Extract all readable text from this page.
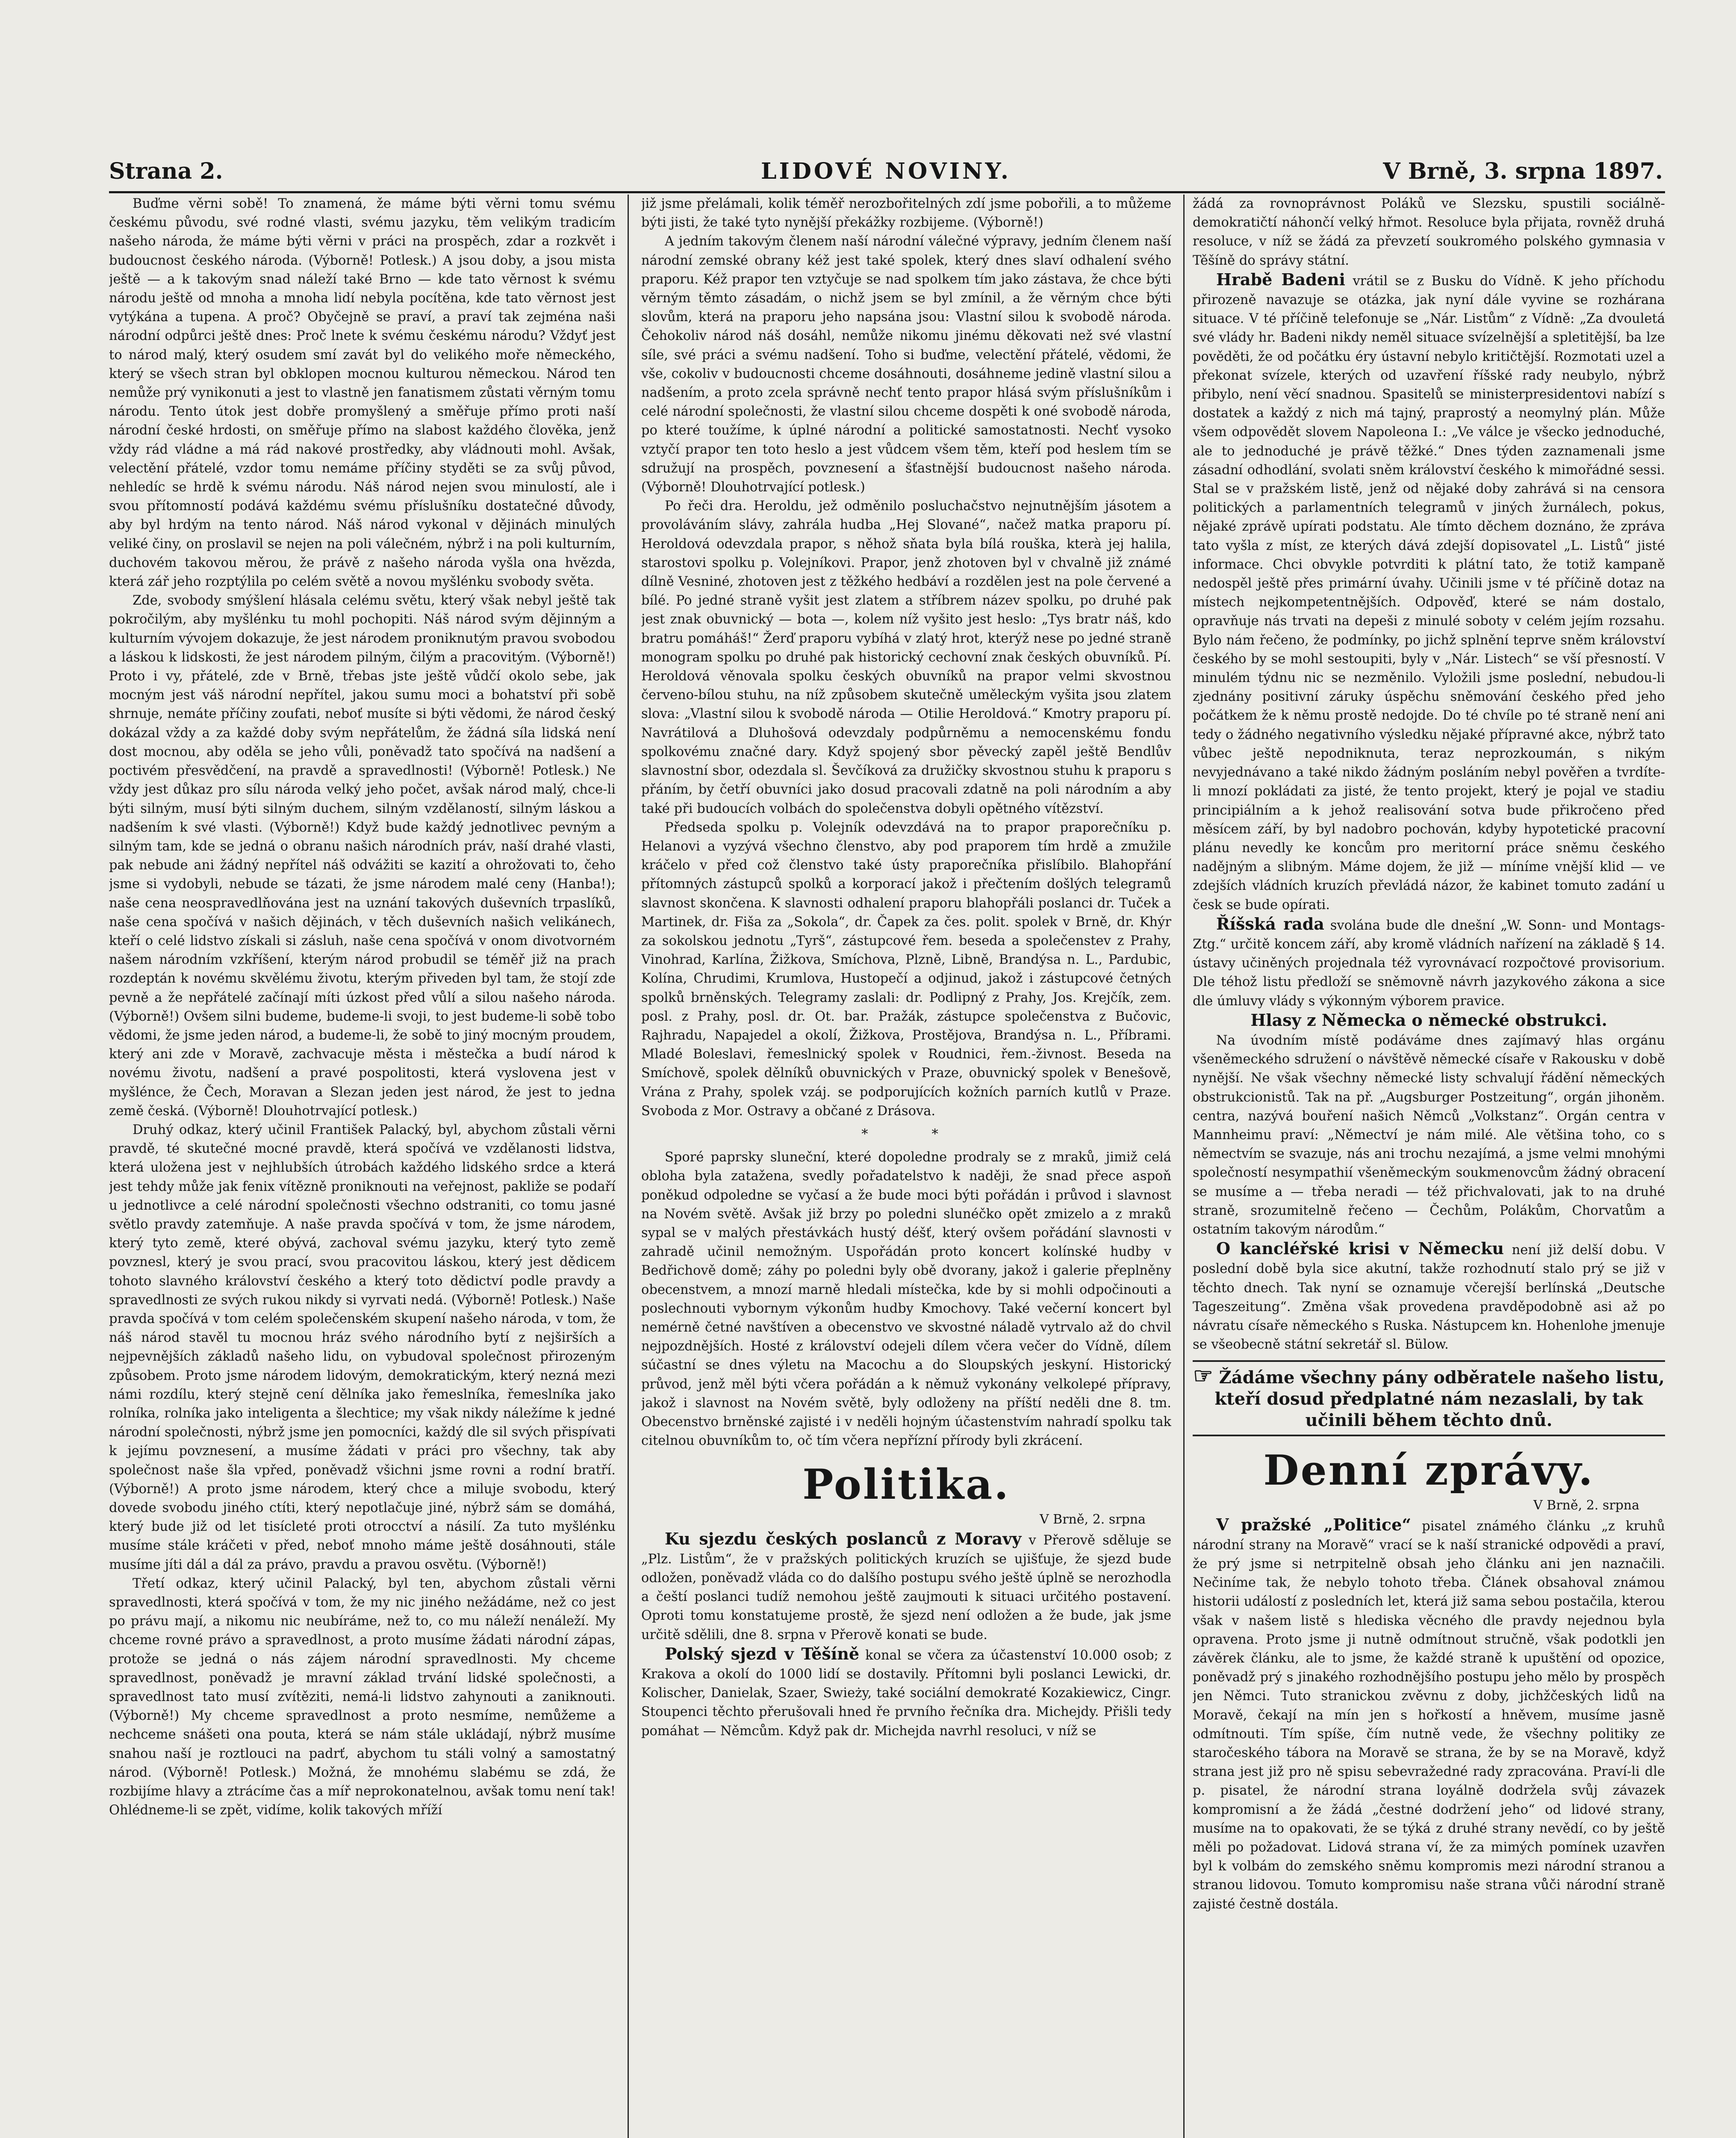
Strana 2.	LIDOVÉ NOVINY.	V Brně, 3. srpna 1897.

Buďme věrni sobě! To znamená, že máme býti věrni tomu svému českému původu, své rodné vlasti, svému jazyku, těm velikým tradicím našeho národa, že máme býti věrni v práci na prospěch, zdar a rozkvět i budoucnost českého národa. (Výborně! Potlesk.) A jsou doby, a jsou mista ještě — a k takovým snad náleží také Brno — kde tato věrnost k svému národu ještě od mnoha a mnoha lidí nebyla pocítěna, kde tato věrnost jest vytýkána a tupena. A proč? Obyčejně se praví, a praví tak zejména naši národní odpůrci ještě dnes: Proč lnete k svému českému národu? Vždyť jest to národ malý, který osudem smí zavát byl do velikého moře německého, který se všech stran byl obklopen mocnou kulturou německou. Národ ten nemůže prý vynikonuti a jest to vlastně jen fanatismem zůstati věrným tomu národu. Tento útok jest dobře promyšlený a směřuje přímo proti naší národní české hrdosti, on směřuje přímo na slabost každého člověka, jenž vždy rád vládne a má rád nakové prostředky, aby vládnouti mohl. Avšak, velectění přátelé, vzdor tomu nemáme příčiny styděti se za svůj původ, nehledíc se hrdě k svému národu. Náš národ nejen svou minulostí, ale i svou přítomností podává každému svému příslušníku dostatečné důvody, aby byl hrdým na tento národ. Náš národ vykonal v dějinách minulých veliké činy, on proslavil se nejen na poli válečném, nýbrž i na poli kulturním, duchovém takovou měrou, že právě z našeho národa vyšla ona hvězda, která zář jeho rozptýlila po celém světě a novou myšlénku svobody světa.

Zde, svobody smýšlení hlásala celému světu, který však nebyl ještě tak pokročilým, aby myšlénku tu mohl pochopiti. Náš národ svým dějinným a kulturním vývojem dokazuje, že jest národem proniknutým pravou svobodou a láskou k lidskosti, že jest národem pilným, čilým a pracovitým. (Výborně!) Proto i vy, přátelé, zde v Brně, třebas jste ještě vůdčí okolo sebe, jak mocným jest váš národní nepřítel, jakou sumu moci a bohatství při sobě shrnuje, nemáte příčiny zoufati, neboť musíte si býti vědomi, že národ český dokázal vždy a za každé doby svým nepřátelům, že žádná síla lidská není dost mocnou, aby oděla se jeho vůli, poněvadž tato spočívá na nadšení a poctivém přesvědčení, na pravdě a spravedlnosti! (Výborně! Potlesk.) Ne vždy jest důkaz pro sílu národa velký jeho počet, avšak národ malý, chce-li býti silným, musí býti silným duchem, silným vzdělaností, silným láskou a nadšením k své vlasti. (Výborně!) Když bude každý jednotlivec pevným a silným tam, kde se jedná o obranu našich národních práv, naší drahé vlasti, pak nebude ani žádný nepřítel náš odvážiti se kazití a ohrožovati to, čeho jsme si vydobyli, nebude se tázati, že jsme národem malé ceny (Hanba!); naše cena neospravedlňována jest na uznání takových duševních trpaslíků, naše cena spočívá v našich dějinách, v těch duševních našich velikánech, kteří o celé lidstvo získali si zásluh, naše cena spočívá v onom divotvorném našem národním vzkříšení, kterým národ probudil se téměř již na prach rozdeptán k novému skvělému životu, kterým přiveden byl tam, že stojí zde pevně a že nepřátelé začínají míti úzkost před vůlí a silou našeho národa. (Výborně!) Ovšem silni budeme, budeme-li svoji, to jest budeme-li sobě tobo vědomi, že jsme jeden národ, a budeme-li, že sobě to jiný mocným proudem, který ani zde v Moravě, zachvacuje města i městečka a budí národ k novému životu, nadšení a pravé pospolitosti, která vyslovena jest v myšlénce, že Čech, Moravan a Slezan jeden jest národ, že jest to jedna země česká. (Výborně! Dlouhotrvající potlesk.)

Druhý odkaz, který učinil František Palacký, byl, abychom zůstali věrni pravdě, té skutečné mocné pravdě, která spočívá ve vzdělanosti lidstva, která uložena jest v nejhlubších útrobách každého lidského srdce a která jest tehdy může jak fenix vítězně proniknouti na veřejnost, pakliže se podaří u jednotlivce a celé národní společnosti všechno odstraniti, co tomu jasné světlo pravdy zatemňuje. A naše pravda spočívá v tom, že jsme národem, který tyto země, které obývá, zachoval svému jazyku, který tyto země povznesl, který je svou prací, svou pracovitou láskou, který jest dědicem tohoto slavného království českého a který toto dědictví podle pravdy a spravedlnosti ze svých rukou nikdy si vyrvati nedá. (Výborně! Potlesk.) Naše pravda spočívá v tom celém společenském skupení našeho národa, v tom, že náš národ stavěl tu mocnou hráz svého národního bytí z nejširších a nejpevnějších základů našeho lidu, on vybudoval společnost přirozeným způsobem. Proto jsme národem lidovým, demokratickým, který nezná mezi námi rozdílu, který stejně cení dělníka jako řemeslníka, řemeslníka jako rolníka, rolníka jako inteligenta a šlechtice; my však nikdy náležíme k jedné národní společnosti, nýbrž jsme jen pomocníci, každý dle sil svých přispívati k jejímu povznesení, a musíme žádati v práci pro všechny, tak aby společnost naše šla vpřed, poněvadž všichni jsme rovni a rodní bratří. (Výborně!) A proto jsme národem, který chce a miluje svobodu, který dovede svobodu jiného ctíti, který nepotlačuje jiné, nýbrž sám se domáhá, který bude již od let tisícleté proti otrocctví a násilí. Za tuto myšlénku musíme stále kráčeti v před, neboť mnoho máme ještě dosáhnouti, stále musíme jíti dál a dál za právo, pravdu a pravou osvětu. (Výborně!)

Třetí odkaz, který učinil Palacký, byl ten, abychom zůstali věrni spravedlnosti, která spočívá v tom, že my nic jiného nežádáme, než co jest po právu mají, a nikomu nic neubíráme, než to, co mu náleží nenáleží. My chceme rovné právo a spravedlnost, a proto musíme žádati národní zápas, protože se jedná o nás zájem národní spravedlnosti. My chceme spravedlnost, poněvadž je mravní základ trvání lidské společnosti, a spravedlnost tato musí zvítěziti, nemá-li lidstvo zahynouti a zaniknouti. (Výborně!) My chceme spravedlnost a proto nesmíme, nemůžeme a nechceme snášeti ona pouta, která se nám stále ukládají, nýbrž musíme snahou naší je roztlouci na padrť, abychom tu stáli volný a samostatný národ. (Výborně! Potlesk.) Možná, že mnohému slabému se zdá, že rozbijíme hlavy a ztrácíme čas a míř neprokonatelnou, avšak tomu není tak! Ohlédneme-li se zpět, vidíme, kolik takových mříží

již jsme přelámali, kolik téměř nerozbořitelných zdí jsme pobořili, a to můžeme býti jisti, že také tyto nynější překážky rozbijeme. (Výborně!)

A jedním takovým členem naší národní válečné výpravy, jedním členem naší národní zemské obrany kéž jest také spolek, který dnes slaví odhalení svého praporu. Kéž prapor ten vztyčuje se nad spolkem tím jako zástava, že chce býti věrným těmto zásadám, o nichž jsem se byl zmínil, a že věrným chce býti slovům, která na praporu jeho napsána jsou: Vlastní silou k svobodě národa. Čehokoliv národ náš dosáhl, nemůže nikomu jinému děkovati než své vlastní síle, své práci a svému nadšení. Toho si buďme, velectění přátelé, vědomi, že vše, cokoliv v budoucnosti chceme dosáhnouti, dosáhneme jedině vlastní silou a nadšením, a proto zcela správně nechť tento prapor hlásá svým příslušníkům i celé národní společnosti, že vlastní silou chceme dospěti k oné svobodě národa, po které toužíme, k úplné národní a politické samostatnosti. Nechť vysoko vztyčí prapor ten toto heslo a jest vůdcem všem těm, kteří pod heslem tím se sdružují na prospěch, povznesení a šťastnější budoucnost našeho národa. (Výborně! Dlouhotrvající potlesk.)

Po řeči dra. Heroldu, jež odměnilo posluchačstvo nejnutnějším jásotem a provoláváním slávy, zahrála hudba „Hej Slované“, načež matka praporu pí. Heroldová odevzdala prapor, s něhož sňata byla bílá rouška, kterà jej halila, starostovi spolku p. Volejníkovi. Prapor, jenž zhotoven byl v chvalně již známé dílně Vesniné, zhotoven jest z těžkého hedbáví a rozdělen jest na pole červené a bílé. Po jedné straně vyšit jest zlatem a stříbrem název spolku, po druhé pak jest znak obuvnický — bota —, kolem níž vyšito jest heslo: „Tys bratr náš, kdo bratru pomáháš!“ Žerď praporu vybíhá v zlatý hrot, kterýž nese po jedné straně monogram spolku po druhé pak historický cechovní znak českých obuvníků. Pí. Heroldová věnovala spolku českých obuvníků na prapor velmi skvostnou červeno-bílou stuhu, na níž způsobem skutečně uměleckým vyšita jsou zlatem slova: „Vlastní silou k svobodě národa — Otilie Heroldová.“ Kmotry praporu pí. Navrátilová a Dluhošová odevzdaly podpůrněmu a nemocenskému fondu spolkovému značné dary. Když spojený sbor pěvecký zapěl ještě Bendlův slavnostní sbor, odezdala sl. Ševčíková za družičky skvostnou stuhu k praporu s přáním, by četří obuvníci jako dosud pracovali zdatně na poli národním a aby také při budoucích volbách do společenstva dobyli opětného vítězství.

Předseda spolku p. Volejník odevzdává na to prapor praporečníku p. Helanovi a vyzývá všechno členstvo, aby pod praporem tím hrdě a zmužile kráčelo v před což členstvo také ústy praporečníka přislíbilo. Blahopřání přítomných zástupců spolků a korporací jakož i přečtením došlých telegramů slavnost skončena. K slavnosti odhalení praporu blahopřáli poslanci dr. Tuček a Martinek, dr. Fiša za „Sokola“, dr. Čapek za čes. polit. spolek v Brně, dr. Khýr za sokolskou jednotu „Tyrš“, zástupcové řem. beseda a společenstev z Prahy, Vinohrad, Karlína, Žižkova, Smíchova, Plzně, Libně, Brandýsa n. L., Pardubic, Kolína, Chrudimi, Krumlova, Hustopečí a odjinud, jakož i zástupcové četných spolků brněnských. Telegramy zaslali: dr. Podlipný z Prahy, Jos. Krejčík, zem. posl. z Prahy, posl. dr. Ot. bar. Pražák, zástupce společenstva z Bučovic, Rajhradu, Napajedel a okolí, Žižkova, Prostějova, Brandýsa n. L., Příbrami. Mladé Boleslavi, řemeslnický spolek v Roudnici, řem.-živnost. Beseda na Smíchově, spolek dělníků obuvnických v Praze, obuvnický spolek v Benešově, Vrána z Prahy, spolek vzáj. se podporujících kožních parních kutlů v Praze. Svoboda z Mor. Ostravy a občané z Drásova.

*   *

Sporé paprsky sluneční, které dopoledne prodraly se z mraků, jimiž celá obloha byla zatažena, svedly pořadatelstvo k naději, že snad přece aspoň poněkud odpoledne se vyčasí a že bude moci býti pořádán i průvod i slavnost na Novém světě. Avšak již brzy po poledni slunéčko opět zmizelo a z mraků sypal se v malých přestávkách hustý déšť, který ovšem pořádání slavnosti v zahradě učinil nemožným. Uspořádán proto koncert kolínské hudby v Bedřichově domě; záhy po poledni byly obě dvorany, jakož i galerie přeplněny obecenstvem, a mnozí marně hledali místečka, kde by si mohli odpočinouti a poslechnouti vybornym výkonům hudby Kmochovy. Také večerní koncert byl nemérně četné navštíven a obecenstvo ve skvostné náladě vytrvalo až do chvil nejpozdnějších. Hosté z království odejeli dílem včera večer do Vídně, dílem súčastní se dnes výletu na Macochu a do Sloupských jeskyní. Historický průvod, jenž měl býti včera pořádán a k němuž vykonány velkolepé přípravy, jakož i slavnost na Novém světě, byly odloženy na příští neděli dne 8. tm. Obecenstvo brněnské zajisté i v neděli hojným účastenstvím nahradí spolku tak citelnou obuvníkům to, oč tím včera nepřízní přírody byli zkrácení.

Politika.
V Brně, 2. srpna

Ku sjezdu českých poslanců z Moravy v Přerově sděluje se „Plz. Listům“, že v pražských politických kruzích se ujišťuje, že sjezd bude odložen, poněvadž vláda co do dalšího postupu svého ještě úplně se nerozhodla a čeští poslanci tudíž nemohou ještě zaujmouti k situaci určitého postavení. Oproti tomu konstatujeme prostě, že sjezd není odložen a že bude, jak jsme určitě sdělili, dne 8. srpna v Přerově konati se bude.

Polský sjezd v Těšíně konal se včera za účastenství 10.000 osob; z Krakova a okolí do 1000 lidí se dostavily. Přítomni byli poslanci Lewicki, dr. Kolischer, Danielak, Szaer, Swieży, také sociální demokraté Kozakiewicz, Cingr. Stoupenci těchto přerušovali hned ře prvního řečníka dra. Michejdy. Přišli tedy pomáhat — Němcům. Když pak dr. Michejda navrhl resoluci, v níž se

žádá za rovnoprávnost Poláků ve Slezsku, spustili sociálně-demokratičtí náhončí velký hřmot. Resoluce byla přijata, rovněž druhá resoluce, v níž se žádá za převzetí soukromého polského gymnasia v Těšíně do správy státní.

Hrabě Badeni vrátil se z Busku do Vídně. K jeho příchodu přirozeně navazuje se otázka, jak nyní dále vyvine se rozhárana situace. V té příčině telefonuje se „Nár. Listům“ z Vídně: „Za dvouletá své vlády hr. Badeni nikdy neměl situace svízelnější a spletitější, ba lze pověděti, že od počátku éry ústavní nebylo kritičtější. Rozmotati uzel a překonat svízele, kterých od uzavření říšské rady neubylo, nýbrž přibylo, není věcí snadnou. Spasitelů se ministerpresidentovi nabízí s dostatek a každý z nich má tajný, praprostý a neomylný plán. Může všem odpovědět slovem Napoleona I.: „Ve válce je všecko jednoduché, ale to jednoduché je právě těžké.“ Dnes týden zaznamenali jsme zásadní odhodlání, svolati sněm království českého k mimořádné sessi. Stal se v pražském listě, jenž od nějaké doby zahrává si na censora politických a parlamentních telegramů v jiných žurnálech, pokus, nějaké zprávě upírati podstatu. Ale tímto děchem doznáno, že zpráva tato vyšla z míst, ze kterých dává zdejší dopisovatel „L. Listů“ jisté informace. Chci obvykle potvrditi k plátní tato, že totiž kampaně nedospěl ještě přes primární úvahy. Učinili jsme v té příčině dotaz na místech nejkompetentnějších. Odpověď, které se nám dostalo, opravňuje nás trvati na depeši z minulé soboty v celém jejím rozsahu. Bylo nám řečeno, že podmínky, po jichž splnění teprve sněm království českého by se mohl sestoupiti, byly v „Nár. Listech“ se vší přesností. V minulém týdnu nic se nezměnilo. Vyložili jsme poslední, nebudou-li zjednány positivní záruky úspěchu sněmování českého před jeho počátkem že k němu prostě nedojde. Do té chvíle po té straně není ani tedy o žádného negativního výsledku nějaké přípravné akce, nýbrž tato vůbec ještě nepodniknuta, teraz neprozkoumán, s nikým nevyjednávano a také nikdo žádným posláním nebyl pověřen a tvrdíte-li mnozí pokládati za jisté, že tento projekt, který je pojal ve stadiu principiálním a k jehož realisování sotva bude přikročeno před měsícem září, by byl nadobro pochován, kdyby hypotetické pracovní plánu nevedly ke koncům pro meritorní práce sněmu českého nadějným a slibným. Máme dojem, že již — míníme vnější klid — ve zdejších vládních kruzích převládá názor, že kabinet tomuto zadání u česk se bude opírati.

Říšská rada svolána bude dle dnešní „W. Sonn- und Montags-Ztg.“ určitě koncem září, aby kromě vládních nařízení na základě § 14. ústavy učiněných projednala též vyrovnávací rozpočtové provisorium. Dle téhož listu předloží se sněmovně návrh jazykového zákona a sice dle úmluvy vlády s výkonným výborem pravice.

Hlasy z Německa o německé obstrukci.

Na úvodním místě podáváme dnes zajímavý hlas orgánu všeněmeckého sdružení o návštěvě německé císaře v Rakousku v době nynější. Ne však všechny německé listy schvalují řádění německých obstrukcionistů. Tak na př. „Augsburger Postzeitung“, orgán jihoněm. centra, nazývá bouření našich Němců „Volkstanz“. Orgán centra v Mannheimu praví: „Němectví je nám milé. Ale většina toho, co s němectvím se svazuje, nás ani trochu nezajímá, a jsme velmi mnohými společností nesympathií všeněmeckým soukmenovcům žádný obracení se musíme a — třeba neradi — též přichvalovati, jak to na druhé straně, srozumitelně řečeno — Čechům, Polákům, Chorvatům a ostatním takovým národům.“

O kancléřské krisi v Německu není již delší dobu. V poslední době byla sice akutní, takže rozhodnutí stalo prý se již v těchto dnech. Tak nyní se oznamuje včerejší berlínská „Deutsche Tageszeitung“. Změna však provedena pravděpodobně asi až po návratu císaře německého s Ruska. Nástupcem kn. Hohenlohe jmenuje se všeobecně státní sekretář sl. Bülow.

☞ Žádáme všechny pány odběratele našeho listu, kteří dosud předplatné nám nezaslali, by tak učinili během těchto dnů.
Denní zprávy.
V Brně, 2. srpna

V pražské „Politice“ pisatel známého článku „z kruhů národní strany na Moravě“ vrací se k naší stranické odpovědi a praví, že prý jsme si netrpitelně obsah jeho článku ani jen naznačili. Nečiníme tak, že nebylo tohoto třeba. Článek obsahoval známou historii událostí z posledních let, která již sama sebou postačila, kterou však v našem listě s hlediska věcného dle pravdy nejednou byla opravena. Proto jsme ji nutně odmítnout stručně, však podotkli jen závěrek článku, ale to jsme, že každé straně k upuštění od opozice, poněvadž prý s jinakého rozhodnějšího postupu jeho mělo by prospěch jen Němci. Tuto stranickou zvěvnu z doby, jichžčeských lidů na Moravě, čekají na mín jen s hořkostí a hněvem, musíme jasně odmítnouti. Tím spíše, čím nutně vede, že všechny politiky ze staročeského tábora na Moravě se strana, že by se na Moravě, když strana jest již pro ně spisu sebevražedné rady zpracována. Praví-li dle p. pisatel, že národní strana loyálně dodržela svůj závazek kompromisní a že žádá „čestné dodržení jeho“ od lidové strany, musíme na to opakovati, že se týká z druhé strany nevědí, co by ještě měli po požadovat. Lidová strana ví, že za mimých pomínek uzavřen byl k volbám do zemského sněmu kompromis mezi národní stranou a stranou lidovou. Tomuto kompromisu naše strana vůči národní straně zajisté čestně dostála.
